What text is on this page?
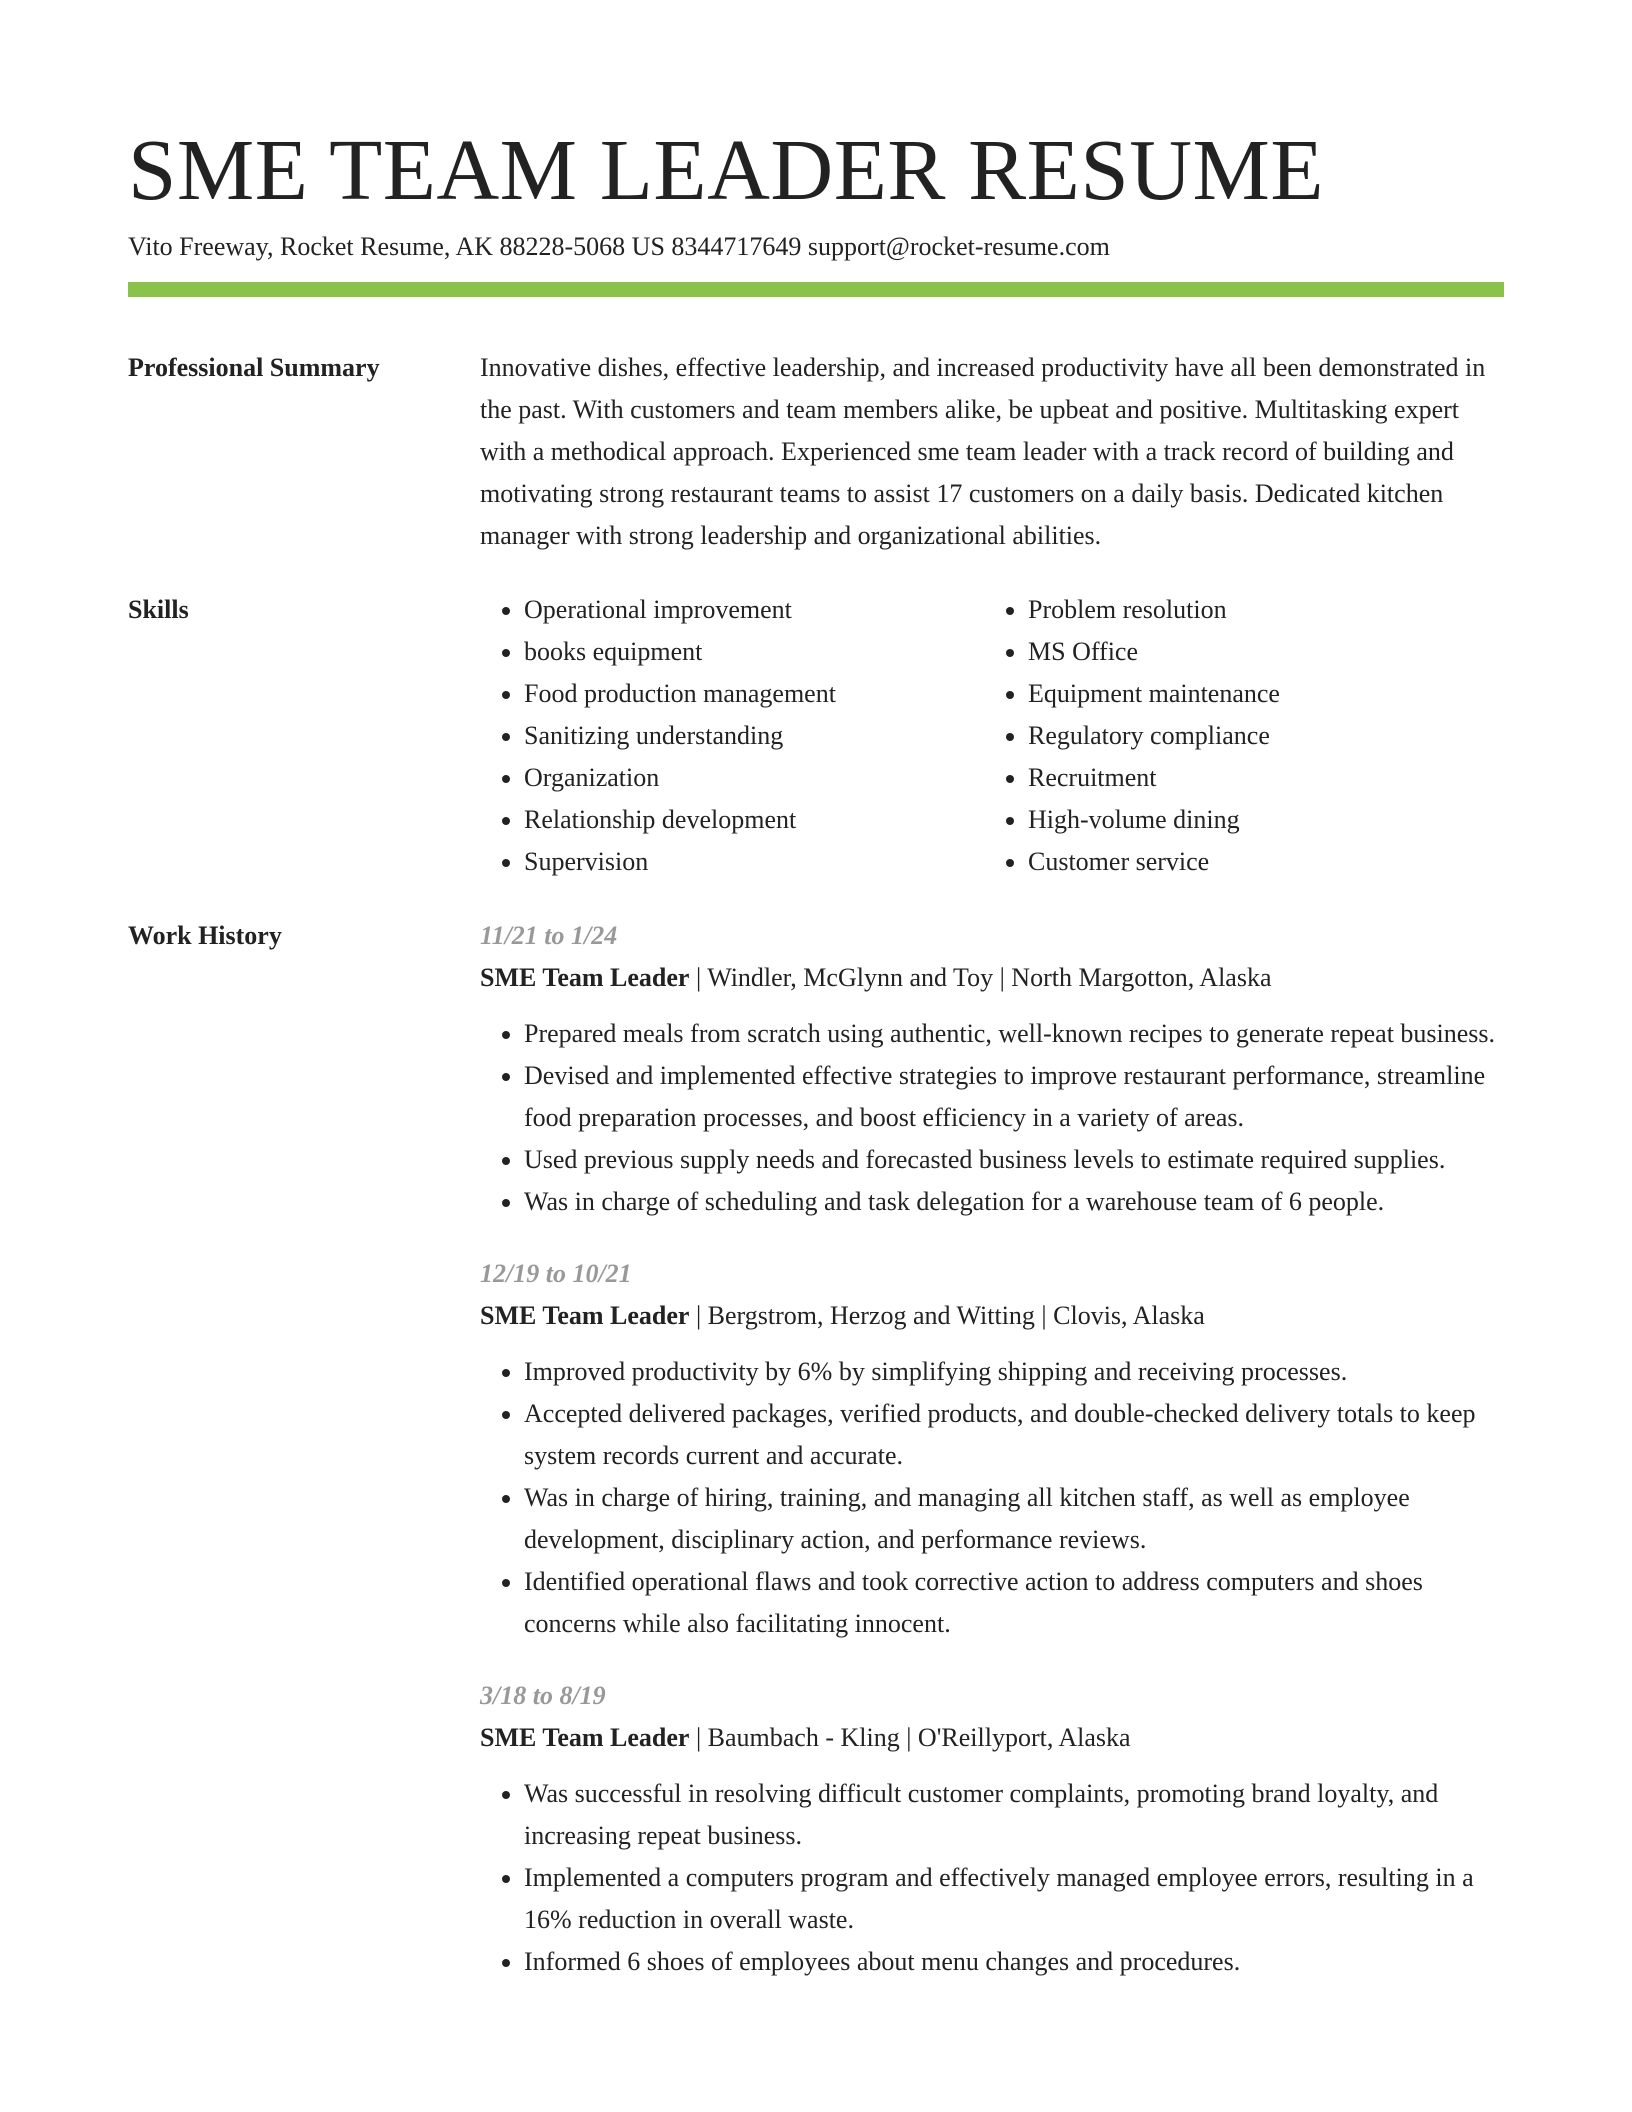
SME TEAM LEADER RESUME
Vito Freeway, Rocket Resume, AK 88228-5068 US 8344717649 support@rocket-resume.com
Professional Summary	Innovative dishes, effective leadership, and increased productivity have all been demonstrated in the past. With customers and team members alike, be upbeat and positive. Multitasking expert with a methodical approach. Experienced sme team leader with a track record of building and motivating strong restaurant teams to assist 17 customers on a daily basis. Dedicated kitchen manager with strong leadership and organizational abilities.

Skills
•	Operational improvement
• books equipment
• Food production management
• Sanitizing understanding
• Organization
• Relationship development
• Supervision
• Problem resolution
• MS Office
• Equipment maintenance
• Regulatory compliance
• Recruitment
• High-volume dining
• Customer service
Work History	11/21 to 1/24
SME Team Leader | Windler, McGlynn and Toy | North Margotton, Alaska
• Prepared meals from scratch using authentic, well-known recipes to generate repeat business.
• Devised and implemented effective strategies to improve restaurant performance, streamline food preparation processes, and boost efficiency in a variety of areas.
• Used previous supply needs and forecasted business levels to estimate required supplies.
• Was in charge of scheduling and task delegation for a warehouse team of 6 people.
12/19 to 10/21
SME Team Leader | Bergstrom, Herzog and Witting | Clovis, Alaska
• Improved productivity by 6% by simplifying shipping and receiving processes.
• Accepted delivered packages, verified products, and double-checked delivery totals to keep system records current and accurate.
• Was in charge of hiring, training, and managing all kitchen staff, as well as employee development, disciplinary action, and performance reviews.
• Identified operational flaws and took corrective action to address computers and shoes concerns while also facilitating innocent.
3/18 to 8/19
SME Team Leader | Baumbach - Kling | O'Reillyport, Alaska
• Was successful in resolving difficult customer complaints, promoting brand loyalty, and increasing repeat business.
• Implemented a computers program and effectively managed employee errors, resulting in a 16% reduction in overall waste.
• Informed 6 shoes of employees about menu changes and procedures.
